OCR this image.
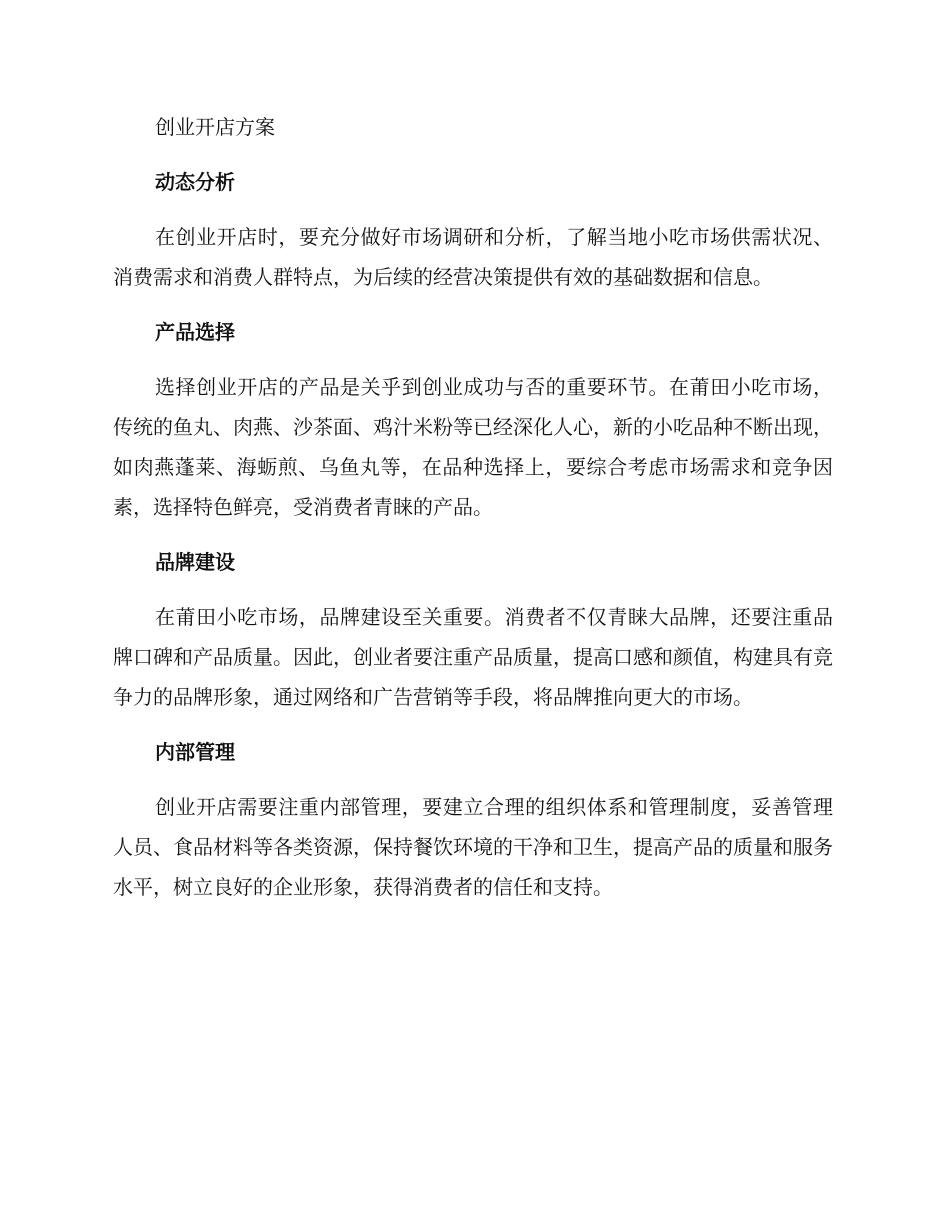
创业开店方案

动态分析

在创业开店时，要充分做好市场调研和分析，了解当地小吃市场供需状况、消费需求和消费人群特点，为后续的经营决策提供有效的基础数据和信息。

产品选择

选择创业开店的产品是关乎到创业成功与否的重要环节。在莆田小吃市场，传统的鱼丸、肉燕、沙茶面、鸡汁米粉等已经深化人心，新的小吃品种不断出现，如肉燕蓬莱、海蛎煎、乌鱼丸等，在品种选择上，要综合考虑市场需求和竞争因素，选择特色鲜亮，受消费者青睐的产品。

品牌建设

在莆田小吃市场，品牌建设至关重要。消费者不仅青睐大品牌，还要注重品牌口碑和产品质量。因此，创业者要注重产品质量，提高口感和颜值，构建具有竞争力的品牌形象，通过网络和广告营销等手段，将品牌推向更大的市场。

内部管理

创业开店需要注重内部管理，要建立合理的组织体系和管理制度，妥善管理人员、食品材料等各类资源，保持餐饮环境的干净和卫生，提高产品的质量和服务水平，树立良好的企业形象，获得消费者的信任和支持。
